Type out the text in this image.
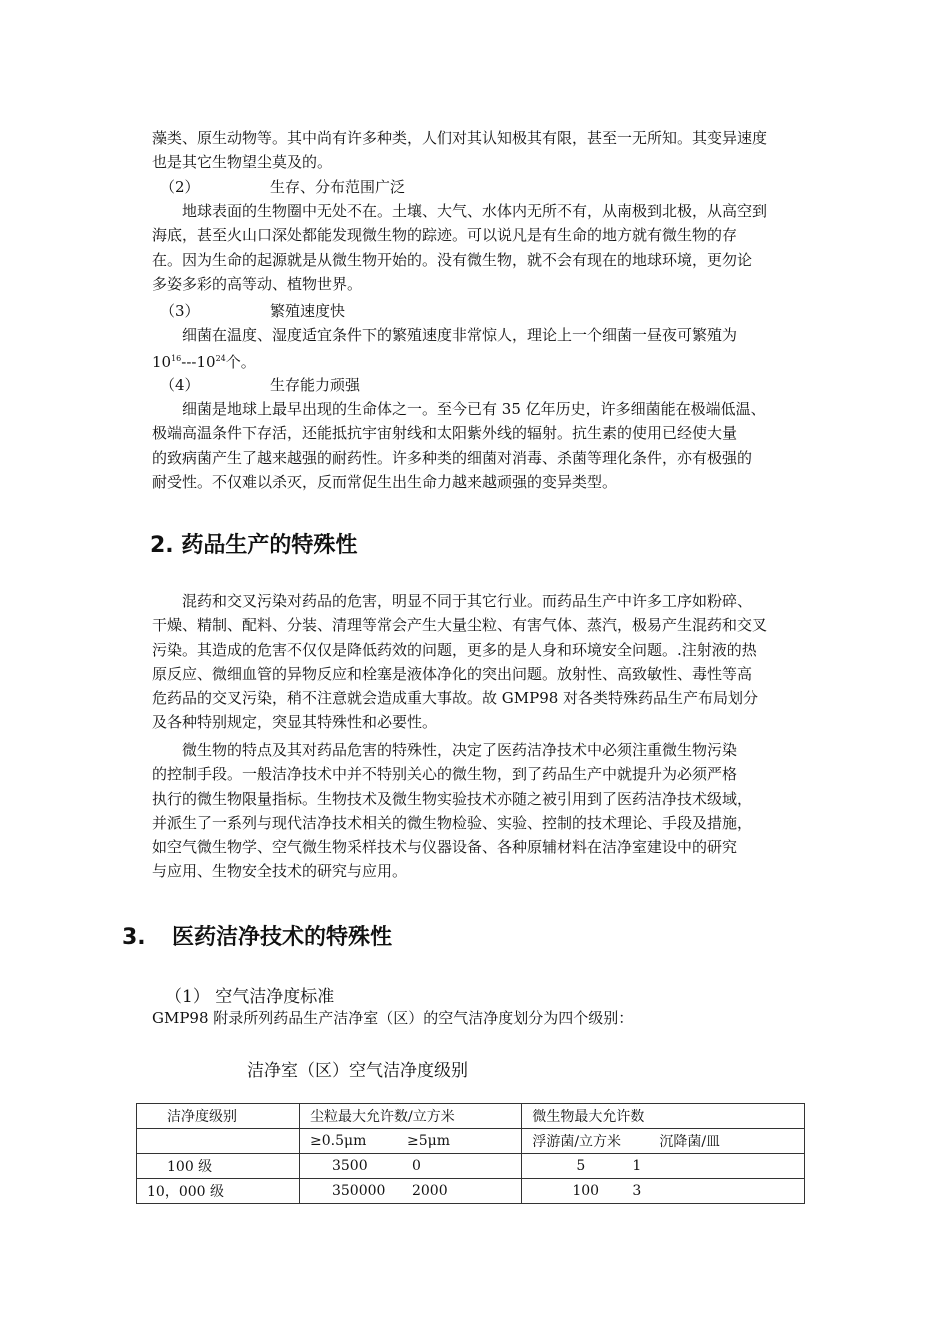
藻类、原生动物等。其中尚有许多种类，人们对其认知极其有限，甚至一无所知。其变异速度
也是其它生物望尘莫及的。
（2）	生存、分布范围广泛
地球表面的生物圈中无处不在。土壤、大气、水体内无所不有，从南极到北极，从高空到
海底，甚至火山口深处都能发现微生物的踪迹。可以说凡是有生命的地方就有微生物的存
在。因为生命的起源就是从微生物开始的。没有微生物，就不会有现在的地球环境，更勿论
多姿多彩的高等动、植物世界。
（3）	繁殖速度快
细菌在温度、湿度适宜条件下的繁殖速度非常惊人，理论上一个细菌一昼夜可繁殖为
$10^{16}---10^{24}$个。
（4）	生存能力顽强
细菌是地球上最早出现的生命体之一。至今已有 35 亿年历史，许多细菌能在极端低温、
极端高温条件下存活，还能抵抗宇宙射线和太阳紫外线的辐射。抗生素的使用已经使大量
的致病菌产生了越来越强的耐药性。许多种类的细菌对消毒、杀菌等理化条件，亦有极强的
耐受性。不仅难以杀灭，反而常促生出生命力越来越顽强的变异类型。
2. 药品生产的特殊性
混药和交叉污染对药品的危害，明显不同于其它行业。而药品生产中许多工序如粉碎、
干燥、精制、配料、分装、清理等常会产生大量尘粒、有害气体、蒸汽，极易产生混药和交叉
污染。其造成的危害不仅仅是降低药效的问题，更多的是人身和环境安全问题。.注射液的热
原反应、微细血管的异物反应和栓塞是液体净化的突出问题。放射性、高致敏性、毒性等高
危药品的交叉污染，稍不注意就会造成重大事故。故 GMP98 对各类特殊药品生产布局划分
及各种特别规定，突显其特殊性和必要性。
微生物的特点及其对药品危害的特殊性，决定了医药洁净技术中必须注重微生物污染
的控制手段。一般洁净技术中并不特别关心的微生物，到了药品生产中就提升为必须严格
执行的微生物限量指标。生物技术及微生物实验技术亦随之被引用到了医药洁净技术级域，
并派生了一系列与现代洁净技术相关的微生物检验、实验、控制的技术理论、手段及措施，
如空气微生物学、空气微生物采样技术与仪器设备、各种原辅材料在洁净室建设中的研究
与应用、生物安全技术的研究与应用。
3. 医药洁净技术的特殊性
（1） 空气洁净度标准
GMP98 附录所列药品生产洁净室（区）的空气洁净度划分为四个级别：
洁净室（区）空气洁净度级别
洁净度级别	尘粒最大允许数/立方米	微生物最大允许数
	≥0.5μm ≥5μm	浮游菌/立方米 沉降菌/皿
100 级	3500 0	5 1
10，000 级	350000 2000	100 3
